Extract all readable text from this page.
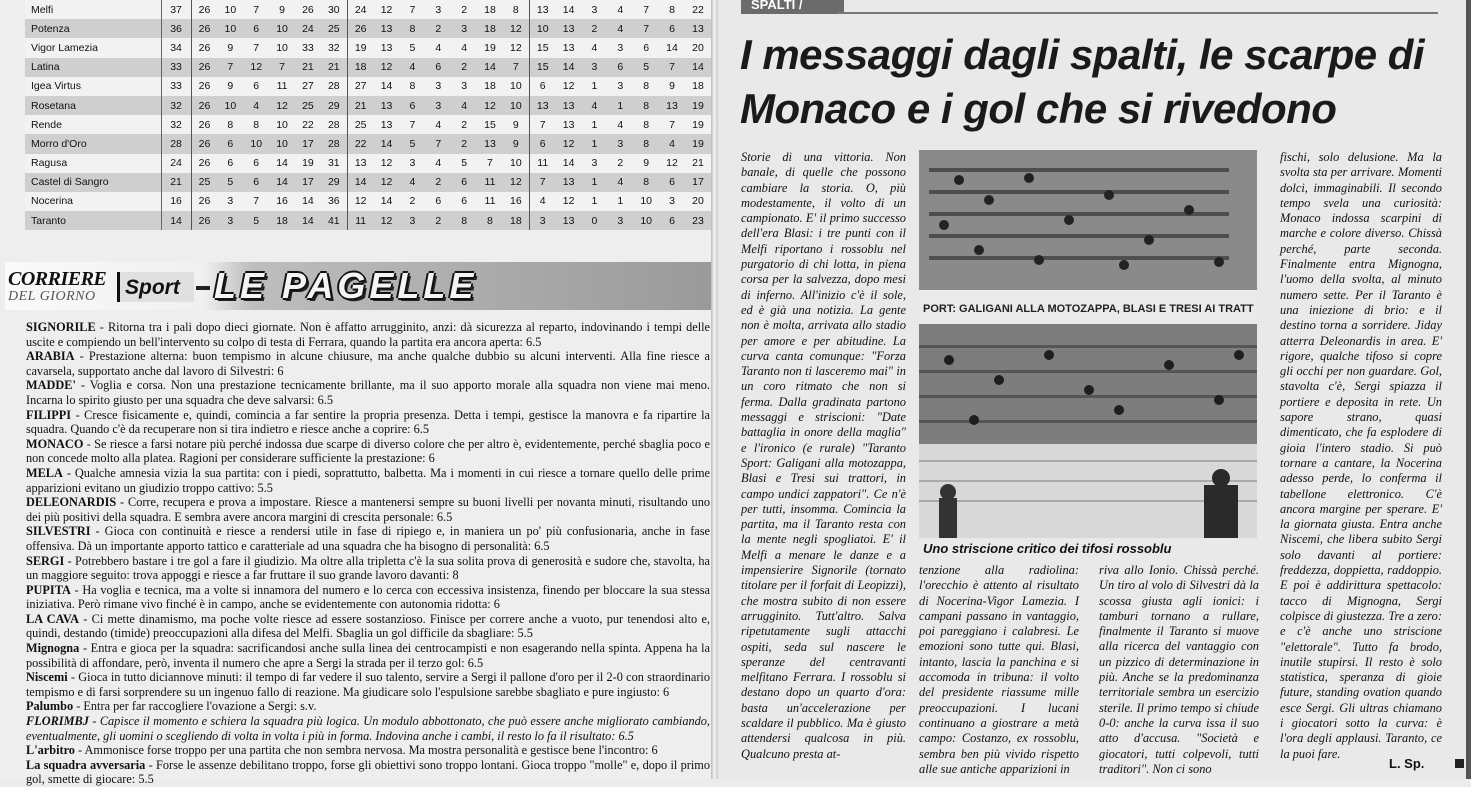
Melfi	37	26	10	7	9	26	30	24	12	7	3	2	18	8	13	14	3	4	7	8	22
Potenza	36	26	10	6	10	24	25	26	13	8	2	3	18	12	10	13	2	4	7	6	13
Vigor Lamezia	34	26	9	7	10	33	32	19	13	5	4	4	19	12	15	13	4	3	6	14	20
Latina	33	26	7	12	7	21	21	18	12	4	6	2	14	7	15	14	3	6	5	7	14
Igea Virtus	33	26	9	6	11	27	28	27	14	8	3	3	18	10	6	12	1	3	8	9	18
Rosetana	32	26	10	4	12	25	29	21	13	6	3	4	12	10	13	13	4	1	8	13	19
Rende	32	26	8	8	10	22	28	25	13	7	4	2	15	9	7	13	1	4	8	7	19
Morro d'Oro	28	26	6	10	10	17	28	22	14	5	7	2	13	9	6	12	1	3	8	4	19
Ragusa	24	26	6	6	14	19	31	13	12	3	4	5	7	10	11	14	3	2	9	12	21
Castel di Sangro	21	25	5	6	14	17	29	14	12	4	2	6	11	12	7	13	1	4	8	6	17
Nocerina	16	26	3	7	16	14	36	12	14	2	6	6	11	16	4	12	1	1	10	3	20
Taranto	14	26	3	5	18	14	41	11	12	3	2	8	8	18	3	13	0	3	10	6	23
CORRIERE
DEL GIORNO Sport LE PAGELLE

SIGNORILE - Ritorna tra i pali dopo dieci giornate. Non è affatto arrugginito, anzi: dà sicurezza al reparto, indovinando i tempi delle uscite e compiendo un bell'intervento su colpo di testa di Ferrara, quando la partita era ancora aperta: 6.5

ARABIA - Prestazione alterna: buon tempismo in alcune chiusure, ma anche qualche dubbio su alcuni interventi. Alla fine riesce a cavarsela, supportato anche dal lavoro di Silvestri: 6

MADDE' - Voglia e corsa. Non una prestazione tecnicamente brillante, ma il suo apporto morale alla squadra non viene mai meno. Incarna lo spirito giusto per una squadra che deve salvarsi: 6.5

FILIPPI - Cresce fisicamente e, quindi, comincia a far sentire la propria presenza. Detta i tempi, gestisce la manovra e fa ripartire la squadra. Quando c'è da recuperare non si tira indietro e riesce anche a coprire: 6.5

MONACO - Se riesce a farsi notare più perché indossa due scarpe di diverso colore che per altro è, evidentemente, perché sbaglia poco e non concede molto alla platea. Ragioni per considerare sufficiente la prestazione: 6

MELA - Qualche amnesia vizia la sua partita: con i piedi, soprattutto, balbetta. Ma i momenti in cui riesce a tornare quello delle prime apparizioni evitano un giudizio troppo cattivo: 5.5

DELEONARDIS - Corre, recupera e prova a impostare. Riesce a mantenersi sempre su buoni livelli per novanta minuti, risultando uno dei più positivi della squadra. E sembra avere ancora margini di crescita personale: 6.5

SILVESTRI - Gioca con continuità e riesce a rendersi utile in fase di ripiego e, in maniera un po' più confusionaria, anche in fase offensiva. Dà un importante apporto tattico e caratteriale ad una squadra che ha bisogno di personalità: 6.5

SERGI - Potrebbero bastare i tre gol a fare il giudizio. Ma oltre alla tripletta c'è la sua solita prova di generosità e sudore che, stavolta, ha un maggiore seguito: trova appoggi e riesce a far fruttare il suo grande lavoro davanti: 8

PUPITA - Ha voglia e tecnica, ma a volte si innamora del numero e lo cerca con eccessiva insistenza, finendo per bloccare la sua stessa iniziativa. Però rimane vivo finché è in campo, anche se evidentemente con autonomia ridotta: 6

LA CAVA - Ci mette dinamismo, ma poche volte riesce ad essere sostanzioso. Finisce per correre anche a vuoto, pur tenendosi alto e, quindi, destando (timide) preoccupazioni alla difesa del Melfi. Sbaglia un gol difficile da sbagliare: 5.5

Mignogna - Entra e gioca per la squadra: sacrificandosi anche sulla linea dei centrocampisti e non esagerando nella spinta. Appena ha la possibilità di affondare, però, inventa il numero che apre a Sergi la strada per il terzo gol: 6.5

Niscemi - Gioca in tutto diciannove minuti: il tempo di far vedere il suo talento, servire a Sergi il pallone d'oro per il 2-0 con straordinario tempismo e di farsi sorprendere su un ingenuo fallo di reazione. Ma giudicare solo l'espulsione sarebbe sbagliato e pure ingiusto: 6

Palumbo - Entra per far raccogliere l'ovazione a Sergi: s.v.

FLORIMBJ - Capisce il momento e schiera la squadra più logica. Un modulo abbottonato, che può essere anche migliorato cambiando, eventualmente, gli uomini o scegliendo di volta in volta i più in forma. Indovina anche i cambi, il resto lo fa il risultato: 6.5

L'arbitro - Ammonisce forse troppo per una partita che non sembra nervosa. Ma mostra personalità e gestisce bene l'incontro: 6

La squadra avversaria - Forse le assenze debilitano troppo, forse gli obiettivi sono troppo lontani. Gioca troppo "molle" e, dopo il primo gol, smette di giocare: 5.5

SPALTI /
I messaggi dagli spalti, le scarpe di Monaco e i gol che si rivedono

Storie di una vittoria. Non banale, di quelle che possono cambiare la storia. O, più modestamente, il volto di un campionato. E' il primo successo dell'era Blasi: i tre punti con il Melfi riportano i rossoblu nel purgatorio di chi lotta, in piena corsa per la salvezza, dopo mesi di inferno. All'inizio c'è il sole, ed è già una notizia. La gente non è molta, arrivata allo stadio per amore e per abitudine. La curva canta comunque: "Forza Taranto non ti lasceremo mai" in un coro ritmato che non si ferma. Dalla gradinata partono messaggi e striscioni: "Date battaglia in onore della maglia" e l'ironico (e rurale) "Taranto Sport: Galigani alla motozappa, Blasi e Tresi sui trattori, in campo undici zappatori". Ce n'è per tutti, insomma. Comincia la partita, ma il Taranto resta con la mente negli spogliatoi. E' il Melfi a menare le danze e a impensierire Signorile (tornato titolare per il forfait di Leopizzi), che mostra subito di non essere arrugginito. Tutt'altro. Salva ripetutamente sugli attacchi ospiti, seda sul nascere le speranze del centravanti melfitano Ferrara. I rossoblu si destano dopo un quarto d'ora: basta un'accelerazione per scaldare il pubblico. Ma è giusto attendersi qualcosa in più. Qualcuno presta at-

PORT: GALIGANI ALLA MOTOZAPPA, BLASI E TRESI AI TRATT
Uno striscione critico dei tifosi rossoblu

tenzione alla radiolina: l'orecchio è attento al risultato di Nocerina-Vigor Lamezia. I campani passano in vantaggio, poi pareggiano i calabresi. Le emozioni sono tutte qui. Blasi, intanto, lascia la panchina e si accomoda in tribuna: il volto del presidente riassume mille preoccupazioni. I lucani continuano a giostrare a metà campo: Costanzo, ex rossoblu, sembra ben più vivido rispetto alle sue antiche apparizioni in

riva allo Ionio. Chissà perché. Un tiro al volo di Silvestri dà la scossa giusta agli ionici: i tamburi tornano a rullare, finalmente il Taranto si muove alla ricerca del vantaggio con un pizzico di determinazione in più. Anche se la predominanza territoriale sembra un esercizio sterile. Il primo tempo si chiude 0-0: anche la curva issa il suo atto d'accusa. "Società e giocatori, tutti colpevoli, tutti traditori". Non ci sono

fischi, solo delusione. Ma la svolta sta per arrivare. Momenti dolci, immaginabili. Il secondo tempo svela una curiosità: Monaco indossa scarpini di marche e colore diverso. Chissà perché, parte seconda. Finalmente entra Mignogna, l'uomo della svolta, al minuto numero sette. Per il Taranto è una iniezione di brio: e il destino torna a sorridere. Jiday atterra Deleonardis in area. E' rigore, qualche tifoso si copre gli occhi per non guardare. Gol, stavolta c'è, Sergi spiazza il portiere e deposita in rete. Un sapore strano, quasi dimenticato, che fa esplodere di gioia l'intero stadio. Si può tornare a cantare, la Nocerina adesso perde, lo conferma il tabellone elettronico. C'è ancora margine per sperare. E' la giornata giusta. Entra anche Niscemi, che libera subito Sergi solo davanti al portiere: freddezza, doppietta, raddoppio. E poi è addirittura spettacolo: tacco di Mignogna, Sergi colpisce di giustezza. Tre a zero: e c'è anche uno striscione "elettorale". Tutto fa brodo, inutile stupirsi. Il resto è solo statistica, speranza di gioie future, standing ovation quando esce Sergi. Gli ultras chiamano i giocatori sotto la curva: è l'ora degli applausi. Taranto, ce la puoi fare.

L. Sp.
